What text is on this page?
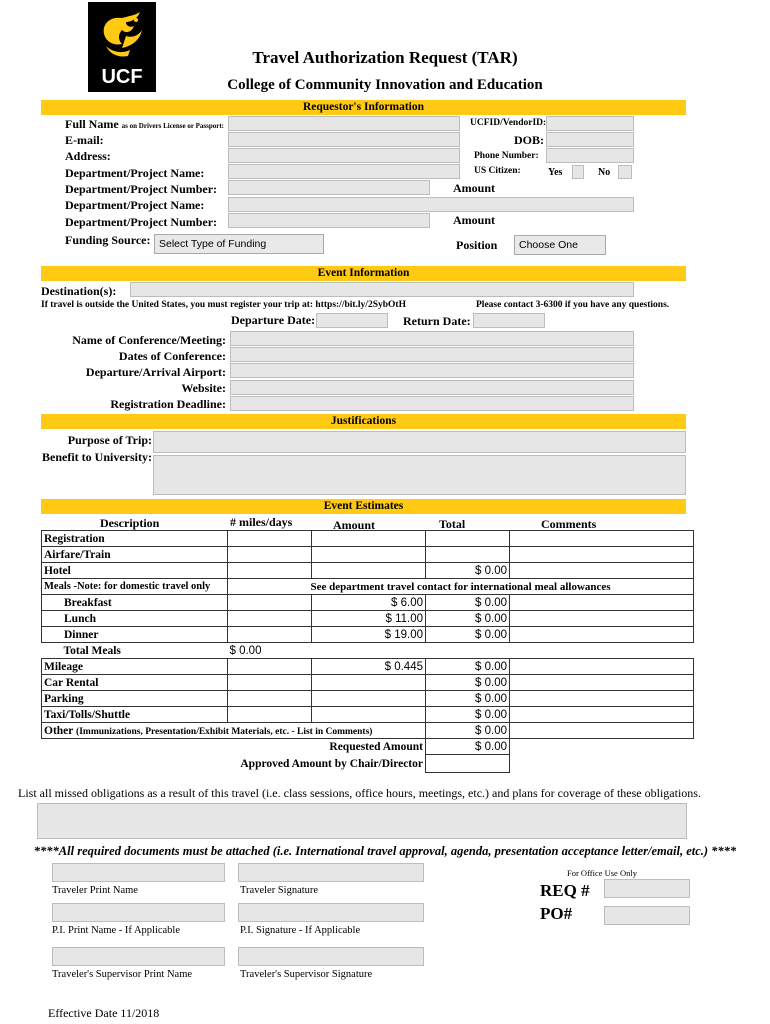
UCF
Travel Authorization Request (TAR)
College of Community Innovation and Education
Requestor's Information
Full Name as on Drivers License or Passport:	UCFID/VendorID:
E-mail:	DOB:
Address:	Phone Number:
Department/Project Name:	US Citizen:	Yes	No
Department/Project Number:	Amount
Department/Project Name:
Department/Project Number:	Amount
Funding Source: Select Type of Funding	Position	Choose One
Event Information
Destination(s):
If travel is outside the United States, you must register your trip at: https://bit.ly/2SybOtH	Please contact 3-6300 if you have any questions.
Departure Date:	Return Date:
Name of Conference/Meeting:
Dates of Conference:
Departure/Arrival Airport:
Website:
Registration Deadline:
Justifications
Purpose of Trip:
Benefit to University:
Event Estimates
Description	# miles/days	Amount	Total	Comments
Registration				
Airfare/Train				
Hotel			$ 0.00	
Meals -Note: for domestic travel only	See department travel contact for international meal allowances			
Breakfast		$ 6.00	$ 0.00	
Lunch		$ 11.00	$ 0.00	
Dinner		$ 19.00	$ 0.00	
Total Meals	$ 0.00			
Mileage		$ 0.445	$ 0.00	
Car Rental			$ 0.00	
Parking			$ 0.00	
Taxi/Tolls/Shuttle			$ 0.00	
Other (Immunizations, Presentation/Exhibit Materials, etc. - List in Comments)			$ 0.00	
	Requested Amount		$ 0.00	
Approved Amount by Chair/Director				
List all missed obligations as a result of this travel (i.e. class sessions, office hours, meetings, etc.) and plans for coverage of these obligations.
****All required documents must be attached (i.e. International travel approval, agenda, presentation acceptance letter/email, etc.) ****
Traveler Print Name	Traveler Signature
P.I. Print Name - If Applicable	P.I. Signature - If Applicable
Traveler's Supervisor Print Name	Traveler's Supervisor Signature
For Office Use Only
REQ #
PO#
Effective Date 11/2018
